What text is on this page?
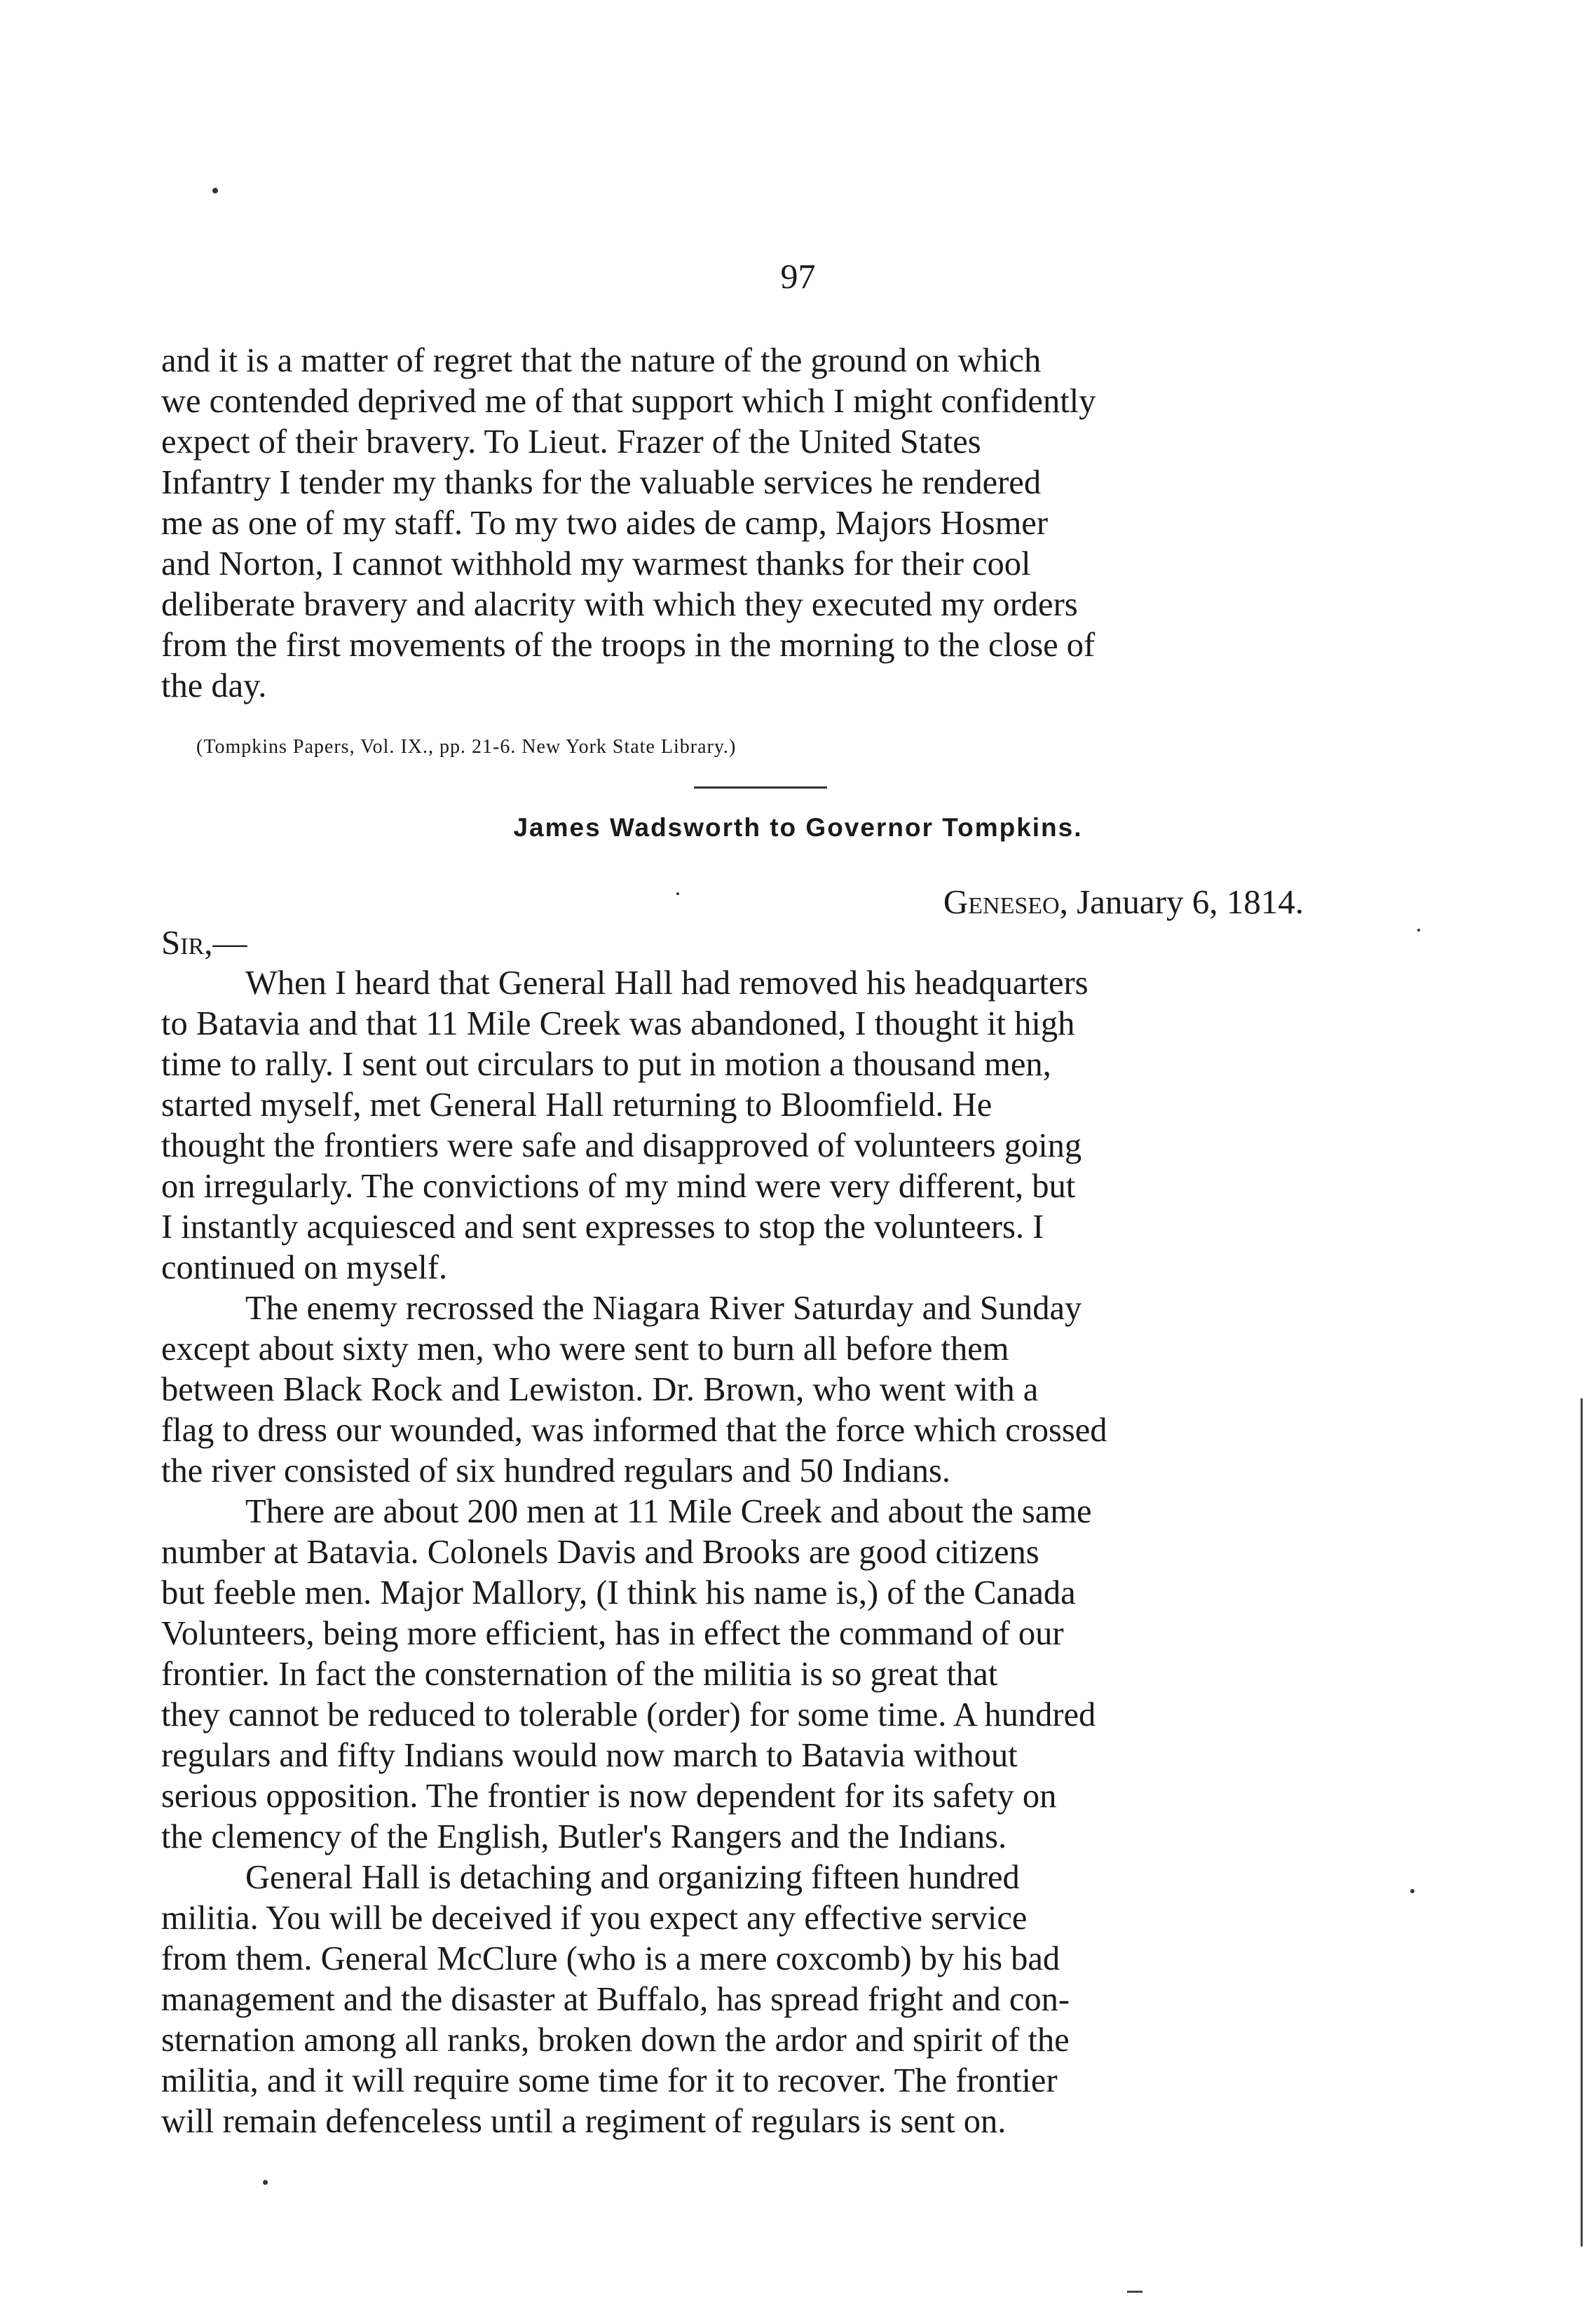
97

and it is a matter of regret that the nature of the ground on which

we contended deprived me of that support which I might confidently

expect of their bravery. To Lieut. Frazer of the United States

Infantry I tender my thanks for the valuable services he rendered

me as one of my staff. To my two aides de camp, Majors Hosmer

and Norton, I cannot withhold my warmest thanks for their cool

deliberate bravery and alacrity with which they executed my orders

from the first movements of the troops in the morning to the close of

the day.

(Tompkins Papers, Vol. IX., pp. 21-6. New York State Library.)
James Wadsworth to Governor Tompkins.
Geneseo, January 6, 1814.
Sir,—

When I heard that General Hall had removed his headquarters

to Batavia and that 11 Mile Creek was abandoned, I thought it high

time to rally. I sent out circulars to put in motion a thousand men,

started myself, met General Hall returning to Bloomfield. He

thought the frontiers were safe and disapproved of volunteers going

on irregularly. The convictions of my mind were very different, but

I instantly acquiesced and sent expresses to stop the volunteers. I

continued on myself.

The enemy recrossed the Niagara River Saturday and Sunday

except about sixty men, who were sent to burn all before them

between Black Rock and Lewiston. Dr. Brown, who went with a

flag to dress our wounded, was informed that the force which crossed

the river consisted of six hundred regulars and 50 Indians.

There are about 200 men at 11 Mile Creek and about the same

number at Batavia. Colonels Davis and Brooks are good citizens

but feeble men. Major Mallory, (I think his name is,) of the Canada

Volunteers, being more efficient, has in effect the command of our

frontier. In fact the consternation of the militia is so great that

they cannot be reduced to tolerable (order) for some time. A hundred

regulars and fifty Indians would now march to Batavia without

serious opposition. The frontier is now dependent for its safety on

the clemency of the English, Butler's Rangers and the Indians.

General Hall is detaching and organizing fifteen hundred

militia. You will be deceived if you expect any effective service

from them. General McClure (who is a mere coxcomb) by his bad

management and the disaster at Buffalo, has spread fright and con-

sternation among all ranks, broken down the ardor and spirit of the

militia, and it will require some time for it to recover. The frontier

will remain defenceless until a regiment of regulars is sent on.
